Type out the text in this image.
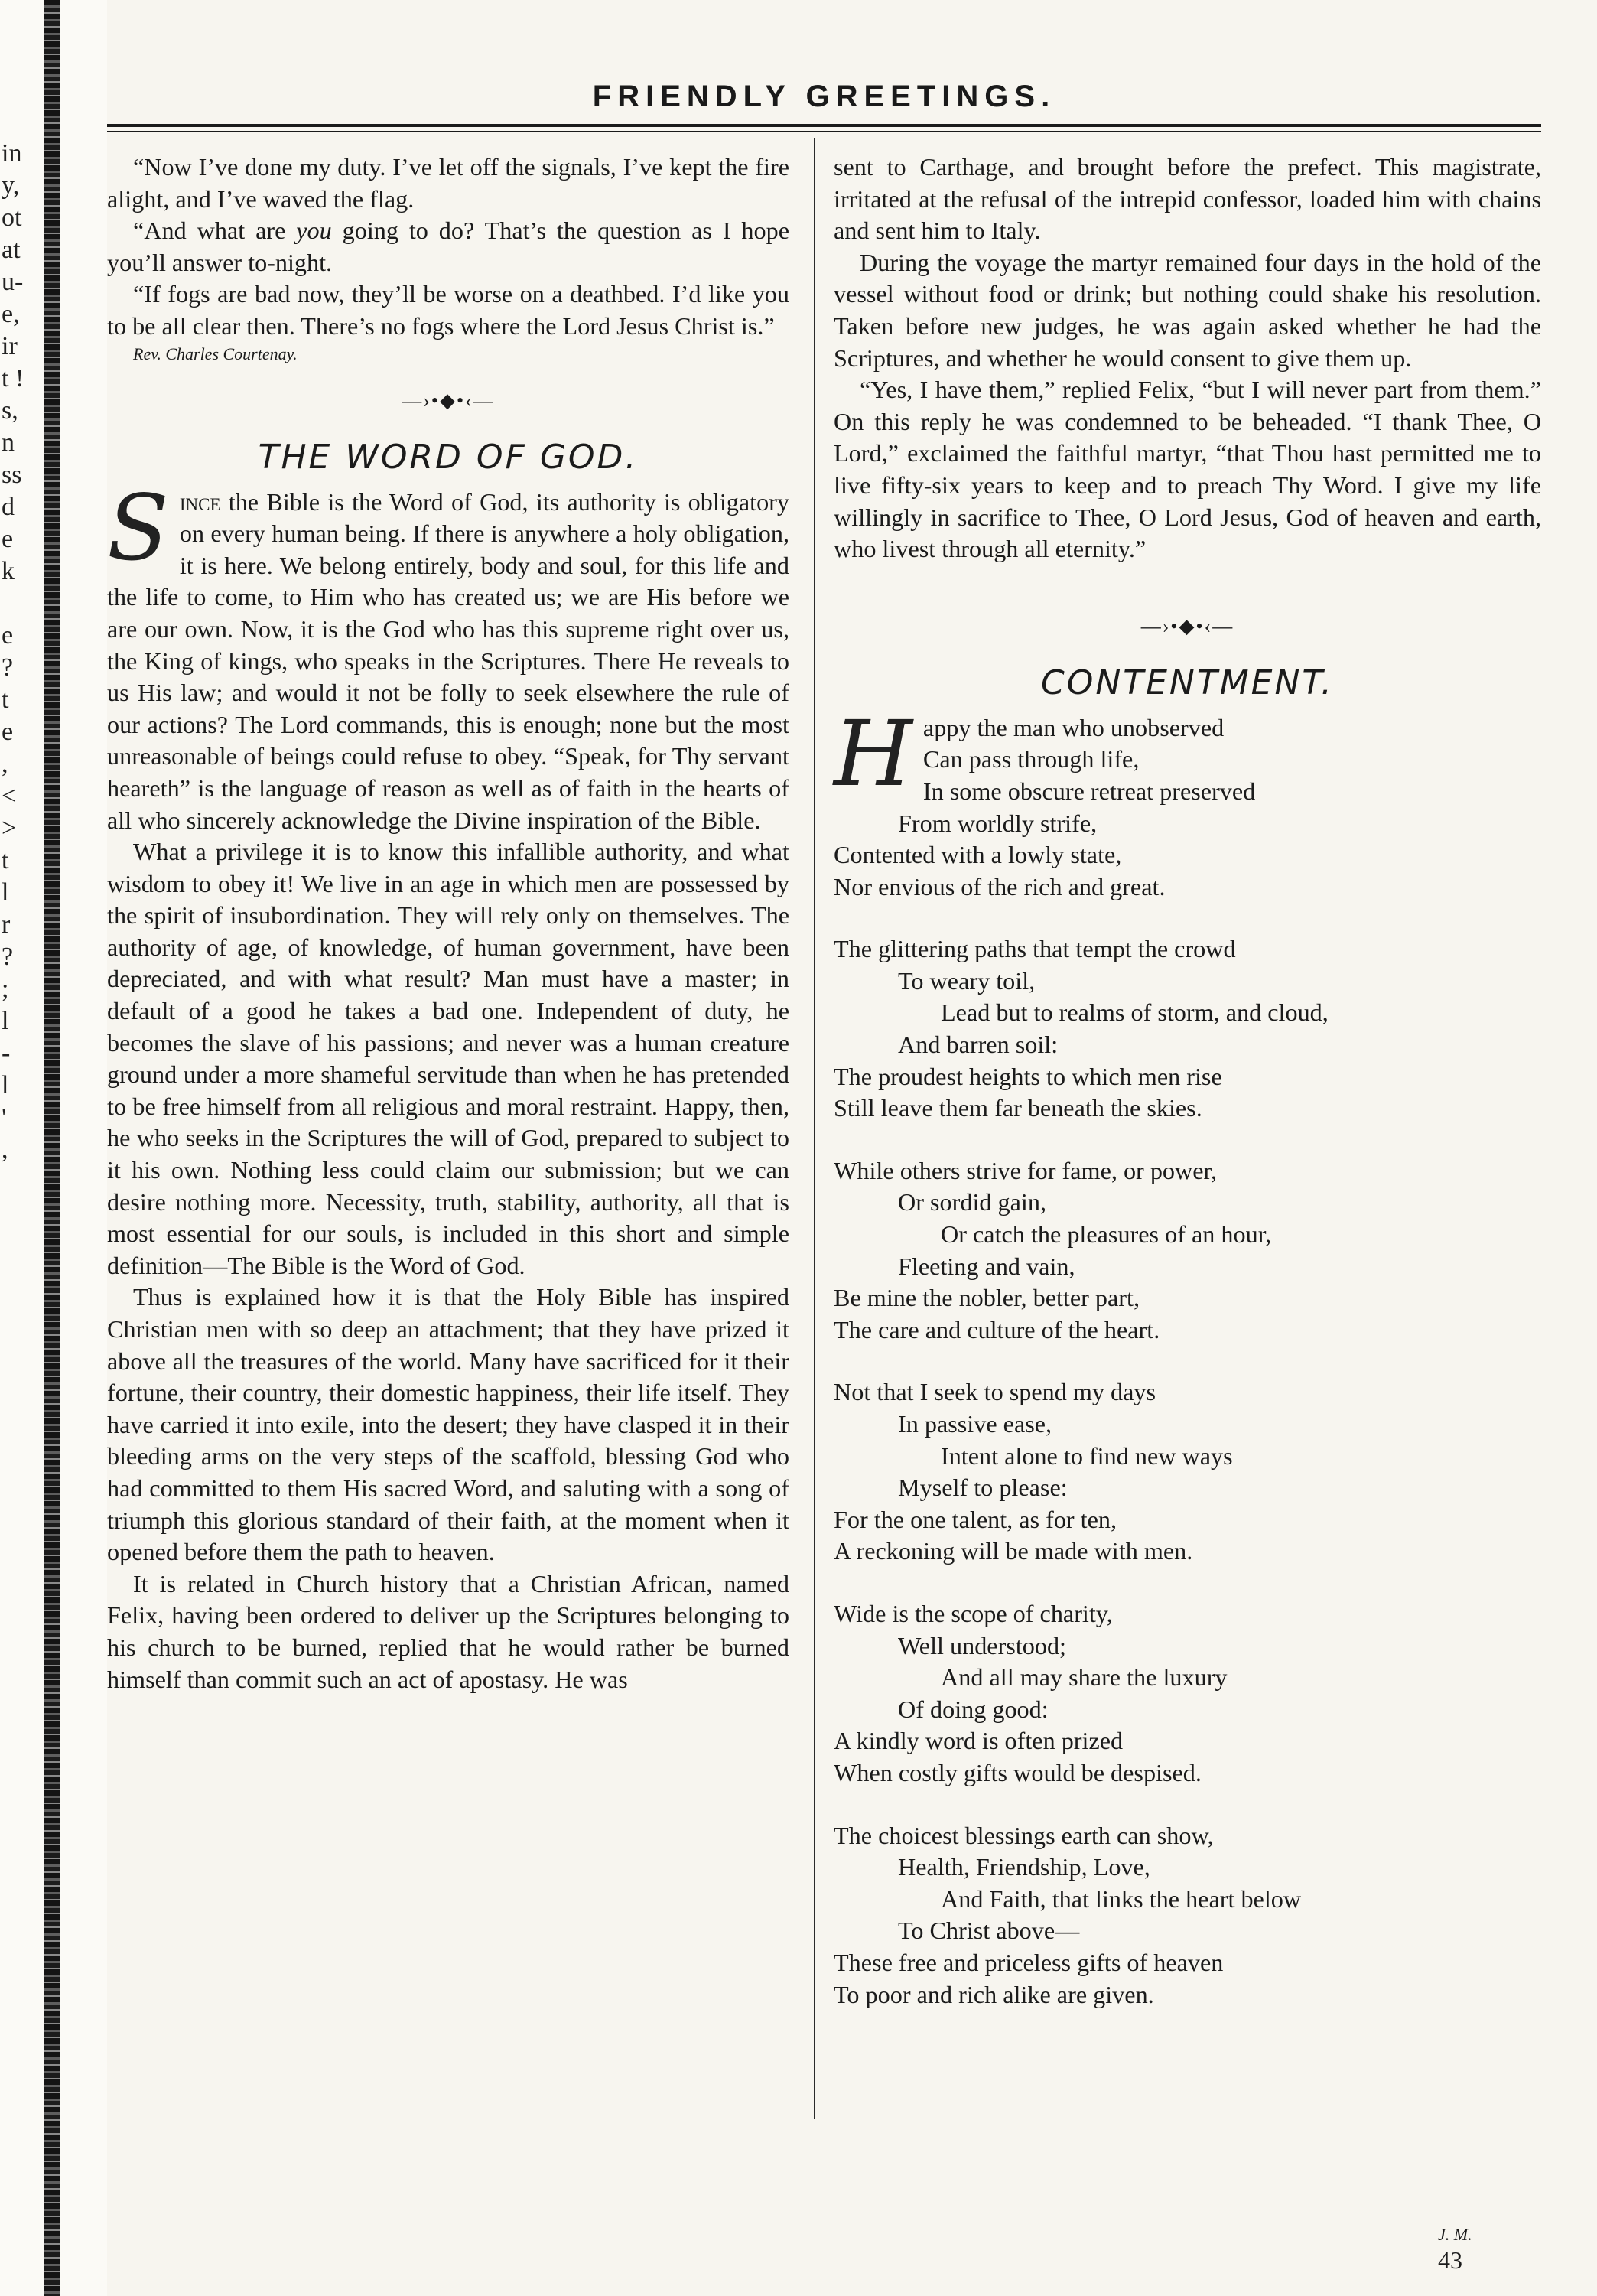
in
y,
ot
at
u-
e,
ir
t !
s,
n
ss
d
e
k
e
?
t
e
,
<
>
t
l
r
?
;
l
-
l
'
,
FRIENDLY GREETINGS.

“Now I’ve done my duty. I’ve let off the signals, I’ve kept the fire alight, and I’ve waved the flag.

“And what are you going to do? That’s the question as I hope you’ll answer to-night.

“If fogs are bad now, they’ll be worse on a deathbed. I’d like you to be all clear then. There’s no fogs where the Lord Jesus Christ is.”

Rev. Charles Courtenay.

—›•◆•‹—
THE WORD OF GOD.

Since the Bible is the Word of God, its authority is obligatory on every human being. If there is anywhere a holy obligation, it is here. We belong entirely, body and soul, for this life and the life to come, to Him who has created us; we are His before we are our own. Now, it is the God who has this supreme right over us, the King of kings, who speaks in the Scriptures. There He reveals to us His law; and would it not be folly to seek elsewhere the rule of our actions? The Lord commands, this is enough; none but the most unreasonable of beings could refuse to obey. “Speak, for Thy servant heareth” is the language of reason as well as of faith in the hearts of all who sincerely acknowledge the Divine inspiration of the Bible.

What a privilege it is to know this infallible authority, and what wisdom to obey it! We live in an age in which men are possessed by the spirit of insubordination. They will rely only on themselves. The authority of age, of knowledge, of human government, have been depreciated, and with what result? Man must have a master; in default of a good he takes a bad one. Independent of duty, he becomes the slave of his passions; and never was a human creature ground under a more shameful servitude than when he has pretended to be free himself from all religious and moral restraint. Happy, then, he who seeks in the Scriptures the will of God, prepared to subject to it his own. Nothing less could claim our submission; but we can desire nothing more. Necessity, truth, stability, authority, all that is most essential for our souls, is included in this short and simple definition—The Bible is the Word of God.

Thus is explained how it is that the Holy Bible has inspired Christian men with so deep an attachment; that they have prized it above all the treasures of the world. Many have sacrificed for it their fortune, their country, their domestic happiness, their life itself. They have carried it into exile, into the desert; they have clasped it in their bleeding arms on the very steps of the scaffold, blessing God who had committed to them His sacred Word, and saluting with a song of triumph this glorious standard of their faith, at the moment when it opened before them the path to heaven.

It is related in Church history that a Christian African, named Felix, having been ordered to deliver up the Scriptures belonging to his church to be burned, replied that he would rather be burned himself than commit such an act of apostasy. He was

sent to Carthage, and brought before the prefect. This magistrate, irritated at the refusal of the intrepid confessor, loaded him with chains and sent him to Italy.

During the voyage the martyr remained four days in the hold of the vessel without food or drink; but nothing could shake his resolution. Taken before new judges, he was again asked whether he had the Scriptures, and whether he would consent to give them up.

“Yes, I have them,” replied Felix, “but I will never part from them.” On this reply he was condemned to be beheaded. “I thank Thee, O Lord,” exclaimed the faithful martyr, “that Thou hast permitted me to live fifty-six years to keep and to preach Thy Word. I give my life willingly in sacrifice to Thee, O Lord Jesus, God of heaven and earth, who livest through all eternity.”

—›•◆•‹—
CONTENTMENT.
H appy the man who unobserved
Can pass through life,
In some obscure retreat preserved
From worldly strife,
Contented with a lowly state,
Nor envious of the rich and great.
The glittering paths that tempt the crowd
To weary toil,
Lead but to realms of storm, and cloud,
And barren soil:
The proudest heights to which men rise
Still leave them far beneath the skies.
While others strive for fame, or power,
Or sordid gain,
Or catch the pleasures of an hour,
Fleeting and vain,
Be mine the nobler, better part,
The care and culture of the heart.
Not that I seek to spend my days
In passive ease,
Intent alone to find new ways
Myself to please:
For the one talent, as for ten,
A reckoning will be made with men.
Wide is the scope of charity,
Well understood;
And all may share the luxury
Of doing good:
A kindly word is often prized
When costly gifts would be despised.
The choicest blessings earth can show,
Health, Friendship, Love,
And Faith, that links the heart below
To Christ above—
These free and priceless gifts of heaven
To poor and rich alike are given.
J. M.
43
